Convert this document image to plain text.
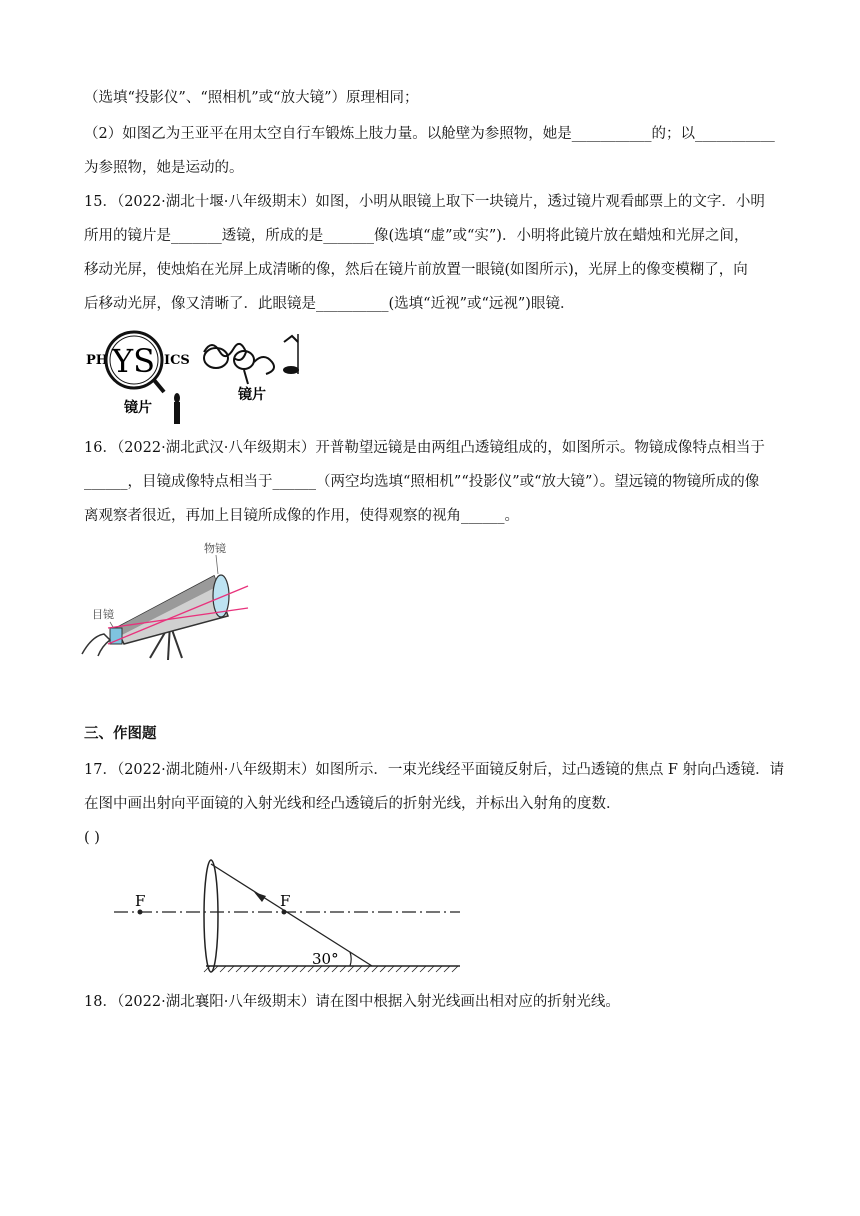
（选填“投影仪”、“照相机”或“放大镜”）原理相同；
（2）如图乙为王亚平在用太空自行车锻炼上肢力量。以舱壁为参照物，她是___________的；以___________
为参照物，她是运动的。
15．（2022·湖北十堰·八年级期末）如图，小明从眼镜上取下一块镜片，透过镜片观看邮票上的文字．小明
所用的镜片是_______透镜，所成的是_______像(选填“虚”或“实”)．小明将此镜片放在蜡烛和光屏之间，
移动光屏，使烛焰在光屏上成清晰的像，然后在镜片前放置一眼镜(如图所示)，光屏上的像变模糊了，向
后移动光屏，像又清晰了．此眼镜是__________(选填“近视”或“远视”)眼镜．
PH YS ICS
镜片
镜片
16．（2022·湖北武汉·八年级期末）开普勒望远镜是由两组凸透镜组成的，如图所示。物镜成像特点相当于
______，目镜成像特点相当于______（两空均选填“照相机”“投影仪”或“放大镜”）。望远镜的物镜所成的像
离观察者很近，再加上目镜所成像的作用，使得观察的视角______。
物镜
目镜
三、作图题
17．（2022·湖北随州·八年级期末）如图所示．一束光线经平面镜反射后，过凸透镜的焦点 F 射向凸透镜．请
在图中画出射向平面镜的入射光线和经凸透镜后的折射光线，并标出入射角的度数．
( )
F	F
30°
18．（2022·湖北襄阳·八年级期末）请在图中根据入射光线画出相对应的折射光线。
